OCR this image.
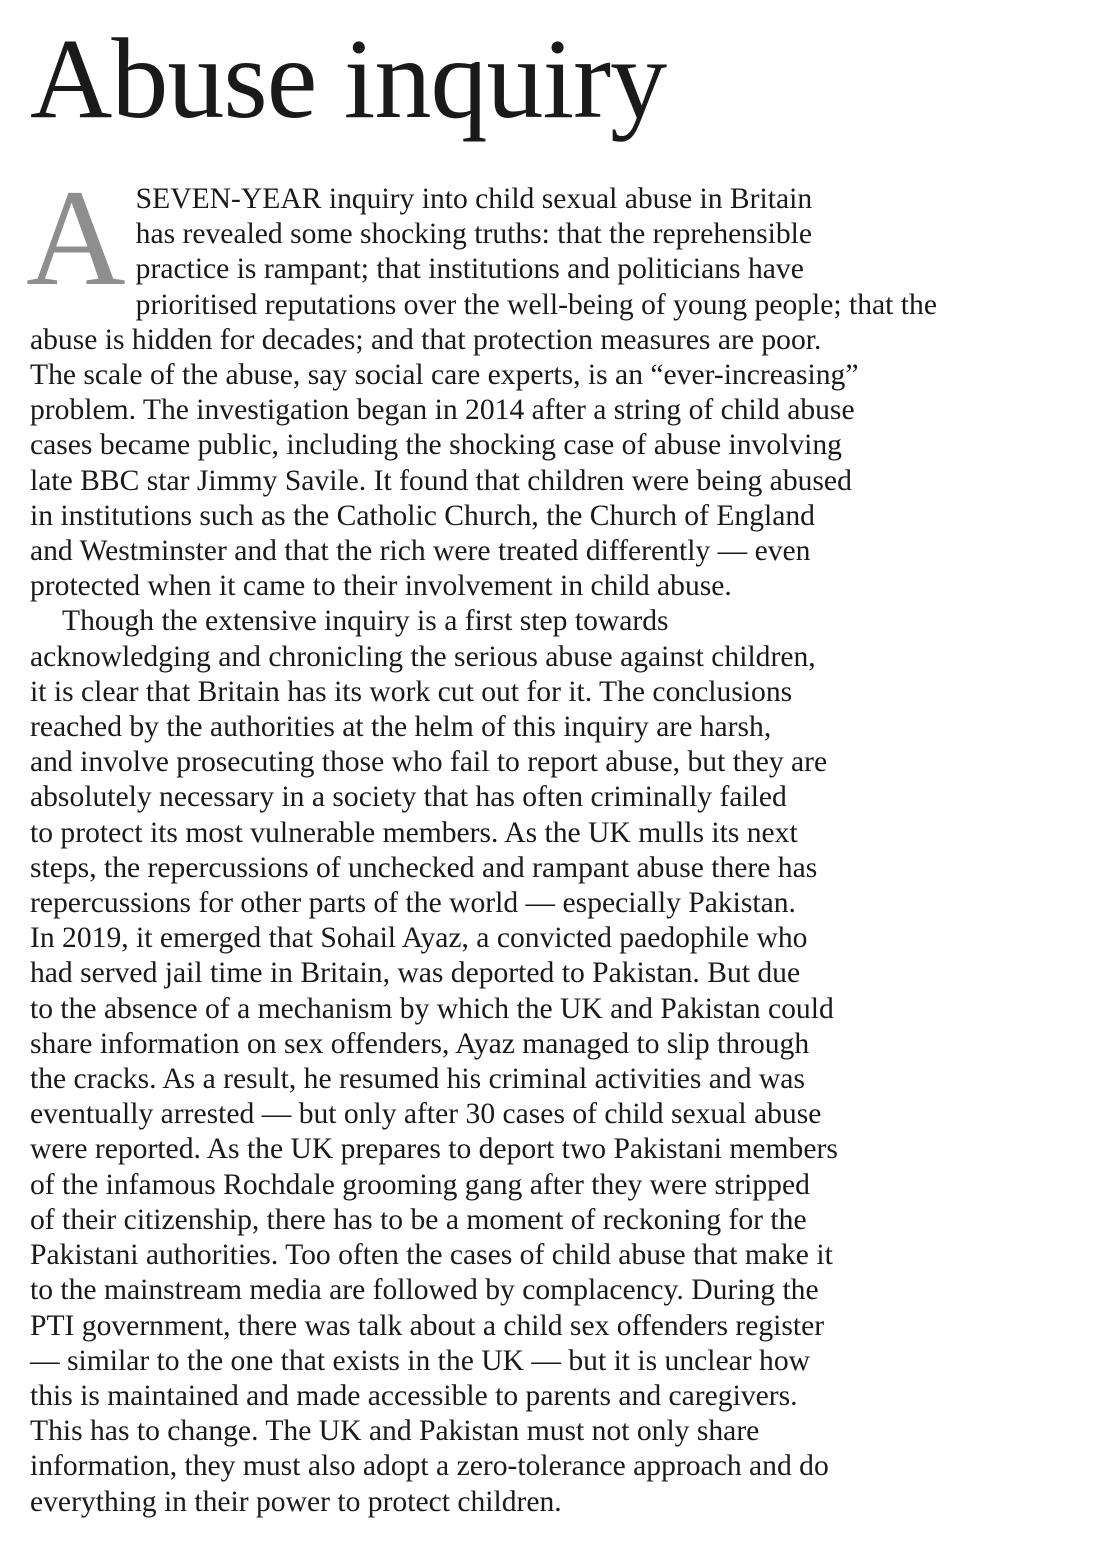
Abuse inquiry

A SEVEN-YEAR inquiry into child sexual abuse in Britain
has revealed some shocking truths: that the reprehensible
practice is rampant; that institutions and politicians have
prioritised reputations over the well-being of young people; that the
abuse is hidden for decades; and that protection measures are poor.
The scale of the abuse, say social care experts, is an “ever-increasing”
problem. The investigation began in 2014 after a string of child abuse
cases became public, including the shocking case of abuse involving
late BBC star Jimmy Savile. It found that children were being abused
in institutions such as the Catholic Church, the Church of England
and Westminster and that the rich were treated differently — even
protected when it came to their involvement in child abuse.

Though the extensive inquiry is a first step towards
acknowledging and chronicling the serious abuse against children,
it is clear that Britain has its work cut out for it. The conclusions
reached by the authorities at the helm of this inquiry are harsh,
and involve prosecuting those who fail to report abuse, but they are
absolutely necessary in a society that has often criminally failed
to protect its most vulnerable members. As the UK mulls its next
steps, the repercussions of unchecked and rampant abuse there has
repercussions for other parts of the world — especially Pakistan.
In 2019, it emerged that Sohail Ayaz, a convicted paedophile who
had served jail time in Britain, was deported to Pakistan. But due
to the absence of a mechanism by which the UK and Pakistan could
share information on sex offenders, Ayaz managed to slip through
the cracks. As a result, he resumed his criminal activities and was
eventually arrested — but only after 30 cases of child sexual abuse
were reported. As the UK prepares to deport two Pakistani members
of the infamous Rochdale grooming gang after they were stripped
of their citizenship, there has to be a moment of reckoning for the
Pakistani authorities. Too often the cases of child abuse that make it
to the mainstream media are followed by complacency. During the
PTI government, there was talk about a child sex offenders register
— similar to the one that exists in the UK — but it is unclear how
this is maintained and made accessible to parents and caregivers.
This has to change. The UK and Pakistan must not only share
information, they must also adopt a zero-tolerance approach and do
everything in their power to protect children.
